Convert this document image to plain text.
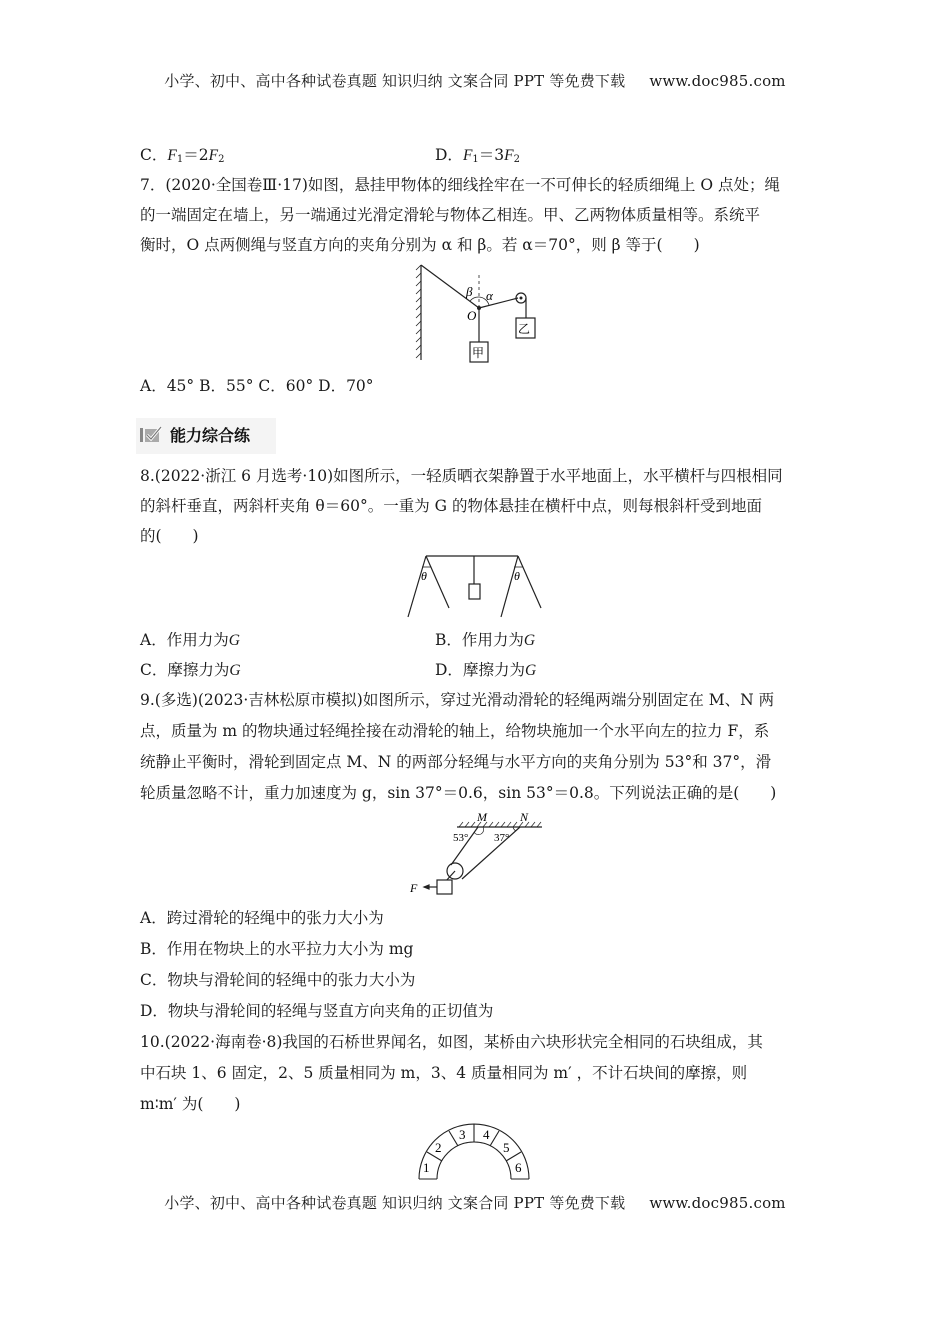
小学、初中、高中各种试卷真题 知识归纳 文案合同 PPT 等免费下载 www.doc985.com
C．$F_1=2F_2$	D．$F_1=3F_2$
7．(2020·全国卷Ⅲ·17)如图，悬挂甲物体的细线拴牢在一不可伸长的轻质细绳上 O 点处；绳
的一端固定在墙上，另一端通过光滑定滑轮与物体乙相连。甲、乙两物体质量相等。系统平
衡时，O 点两侧绳与竖直方向的夹角分别为 α 和 β。若 α＝70°，则 β 等于(　　)
β α
O
甲
乙
A．45° B．55° C．60° D．70°
能力综合练
8.(2022·浙江 6 月选考·10)如图所示，一轻质晒衣架静置于水平地面上，水平横杆与四根相同
的斜杆垂直，两斜杆夹角 θ＝60°。一重为 G 的物体悬挂在横杆中点，则每根斜杆受到地面
的(　　)
θ	θ
A．作用力为G	B．作用力为G
C．摩擦力为G	D．摩擦力为G
9.(多选)(2023·吉林松原市模拟)如图所示，穿过光滑动滑轮的轻绳两端分别固定在 M、N 两
点，质量为 m 的物块通过轻绳拴接在动滑轮的轴上，给物块施加一个水平向左的拉力 F，系
统静止平衡时，滑轮到固定点 M、N 的两部分轻绳与水平方向的夹角分别为 53°和 37°，滑
轮质量忽略不计，重力加速度为 g，sin 37°＝0.6，sin 53°＝0.8。下列说法正确的是(　　)
M	N
53° 37°
F
A．跨过滑轮的轻绳中的张力大小为
B．作用在物块上的水平拉力大小为 mg
C．物块与滑轮间的轻绳中的张力大小为
D．物块与滑轮间的轻绳与竖直方向夹角的正切值为
10.(2022·海南卷·8)我国的石桥世界闻名，如图，某桥由六块形状完全相同的石块组成，其
中石块 1、6 固定，2、5 质量相同为 m，3、4 质量相同为 m′ ，不计石块间的摩擦，则
m∶m′ 为(　　)
1
2
3 4
5
6
小学、初中、高中各种试卷真题 知识归纳 文案合同 PPT 等免费下载 www.doc985.com
